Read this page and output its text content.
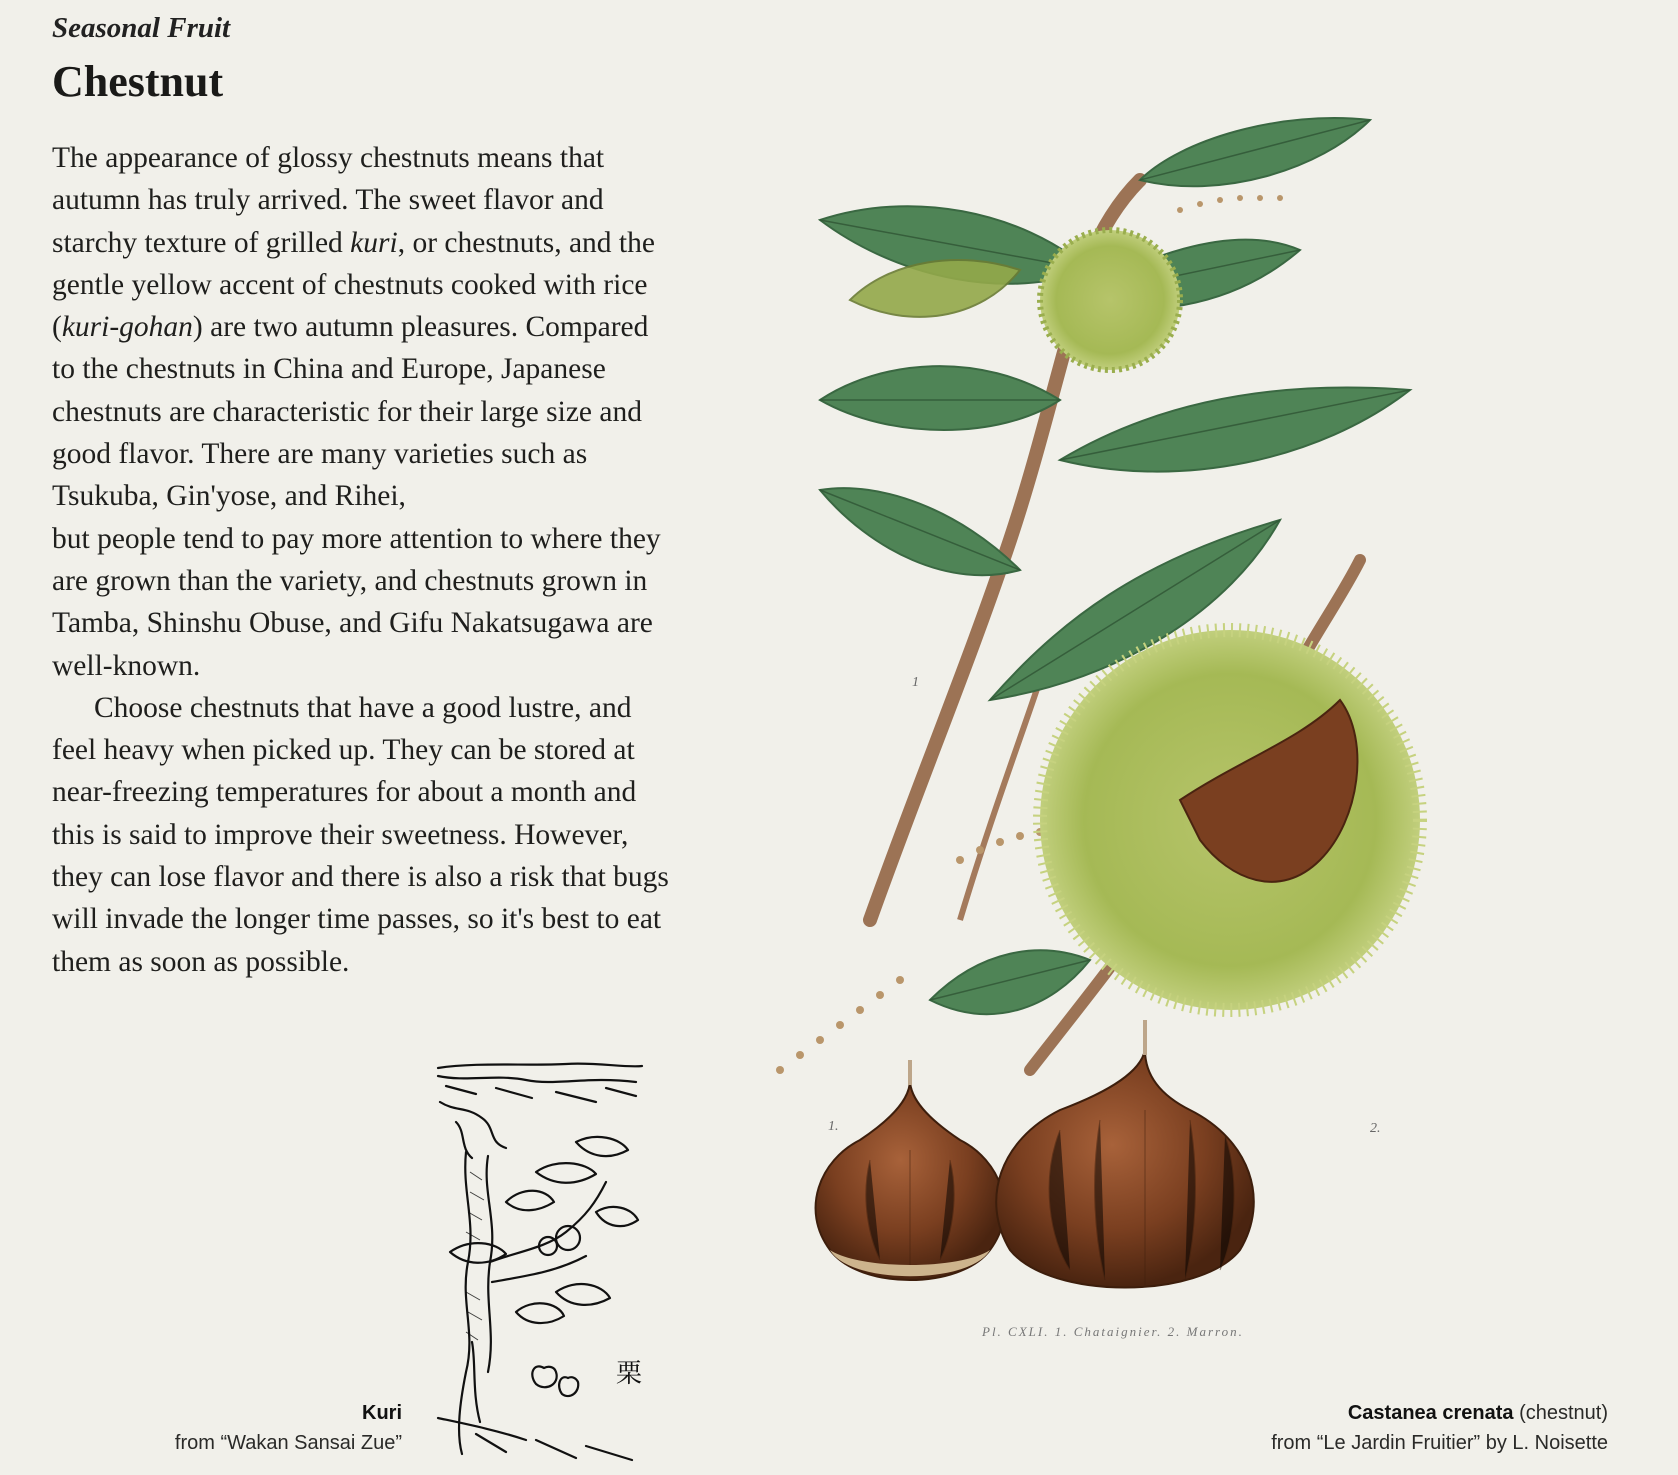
Seasonal Fruit
Chestnut

The appearance of glossy chestnuts means that autumn has truly arrived. The sweet flavor and starchy texture of grilled kuri, or chestnuts, and the gentle yellow accent of chestnuts cooked with rice (kuri-gohan) are two autumn pleasures. Compared to the chestnuts in China and Europe, Japanese chestnuts are characteristic for their large size and good flavor. There are many varieties such as Tsukuba, Gin'yose, and Rihei,
but people tend to pay more attention to where they are grown than the variety, and chestnuts grown in Tamba, Shinshu Obuse, and Gifu Nakatsugawa are well-known.

Choose chestnuts that have a good lustre, and feel heavy when picked up. They can be stored at near-freezing temperatures for about a month and this is said to improve their sweetness. However, they can lose flavor and there is also a risk that bugs will invade the longer time passes, so it's best to eat them as soon as possible.

栗
1
1.	2.
Pl. CXLI. 1. Chataignier. 2. Marron.
Kuri
from “Wakan Sansai Zue”
Castanea crenata (chestnut)
from “Le Jardin Fruitier” by L. Noisette
